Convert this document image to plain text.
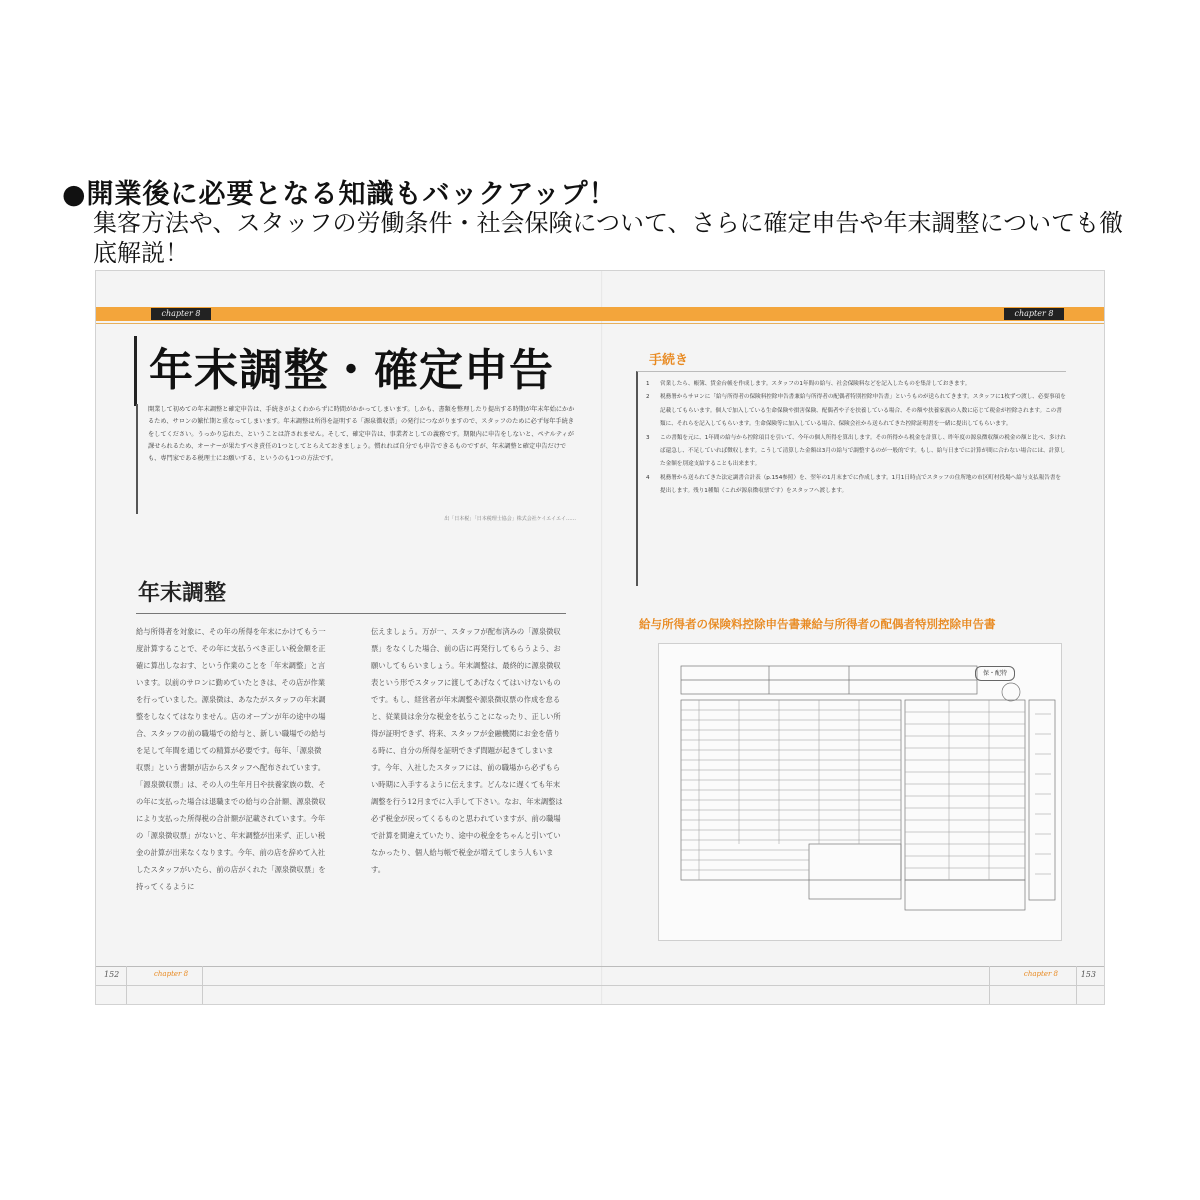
●開業後に必要となる知識もバックアップ！
集客方法や、スタッフの労働条件・社会保険について、さらに確定申告や年末調整についても徹底解説！
chapter 8	chapter 8
年末調整・確定申告
開業して初めての年末調整と確定申告は、手続きがよくわからずに時間がかかってしまいます。しかも、書類を整理したり提出する時期が年末年始にかかるため、サロンの繁忙期と重なってしまいます。年末調整は所得を証明する「源泉徴収票」の発行につながりますので、スタッフのために必ず毎年手続きをしてください。うっかり忘れた、ということは許されません。そして、確定申告は、事業者としての義務です。期限内に申告をしないと、ペナルティが課せられるため、オーナーが果たすべき責任の1つとしてとらえておきましょう。慣れれば自分でも申告できるものですが、年末調整と確定申告だけでも、専門家である税理士にお願いする、というのも1つの方法です。
出「日本税」「日本税理士協会」株式会社ケイエイエイ……
年末調整
給与所得者を対象に、その年の所得を年末にかけてもう一度計算することで、その年に支払うべき正しい税金額を正確に算出しなおす、という作業のことを「年末調整」と言います。以前のサロンに勤めていたときは、その店が作業を行っていました。源泉徴は、あなたがスタッフの年末調整をしなくてはなりません。店のオープンが年の途中の場合、スタッフの前の職場での給与と、新しい職場での給与を足して年間を通じての精算が必要です。毎年、「源泉徴収票」という書類が店からスタッフへ配布されています。「源泉徴収票」は、その人の生年月日や扶養家族の数、その年に支払った場合は退職までの給与の合計額、源泉徴収により支払った所得税の合計額が記載されています。今年の「源泉徴収票」がないと、年末調整が出来ず、正しい税金の計算が出来なくなります。今年、前の店を辞めて入社したスタッフがいたら、前の店がくれた「源泉徴収票」を持ってくるように
伝えましょう。万が一、スタッフが配布済みの「源泉徴収票」をなくした場合、前の店に再発行してもらうよう、お願いしてもらいましょう。年末調整は、最終的に源泉徴収表という形でスタッフに渡してあげなくてはいけないものです。もし、経営者が年末調整や源泉徴収票の作成を怠ると、従業員は余分な税金を払うことになったり、正しい所得が証明できず、将来、スタッフが金融機関にお金を借りる時に、自分の所得を証明できず問題が起きてしまいます。今年、入社したスタッフには、前の職場から必ずもらい時期に入手するように伝えます。どんなに遅くても年末調整を行う12月までに入手して下さい。なお、年末調整は必ず税金が戻ってくるものと思われていますが、前の職場で計算を間違えていたり、途中の税金をちゃんと引いていなかったり、個人給与帳で税金が増えてしまう人もいます。
手続き
1	営業したら、帳簿、賃金台帳を作成します。スタッフの1年間の給与、社会保険料などを記入したものを集計しておきます。
2	税務署からサロンに「給与所得者の保険料控除申告書兼給与所得者の配偶者特別控除申告書」というものが送られてきます。スタッフに1枚ずつ渡し、必要事項を記載してもらいます。個人で加入している生命保険や損害保険、配偶者や子を扶養している場合、その額や扶養家族の人数に応じて税金が控除されます。この書類に、それらを記入してもらいます。生命保険等に加入している場合、保険会社から送られてきた控除証明書を一緒に提出してもらいます。
3	この書類を元に、1年間の給与から控除項目を引いて、今年の個人所得を算出します。その所得から税金を計算し、昨年度の源泉徴収額の税金の額と比べ、多ければ還急し、不足していれば徴収します。こうして清算した金額は3月の給与で調整するのが一般的です。もし、給与日までに計算が間に合わない場合には、計算した金額を別途支給することも出来ます。
4	税務署から送られてきた法定調書合計表（p.154参照）を、翌年の1月末までに作成します。1月1日時点でスタッフの住所地の市区町村役場へ給与支払報告書を提出します。残り1種類（これが源泉徴収票です）をスタッフへ渡します。
給与所得者の保険料控除申告書兼給与所得者の配偶者特別控除申告書
保・配特
152	153
chapter 8	chapter 8
